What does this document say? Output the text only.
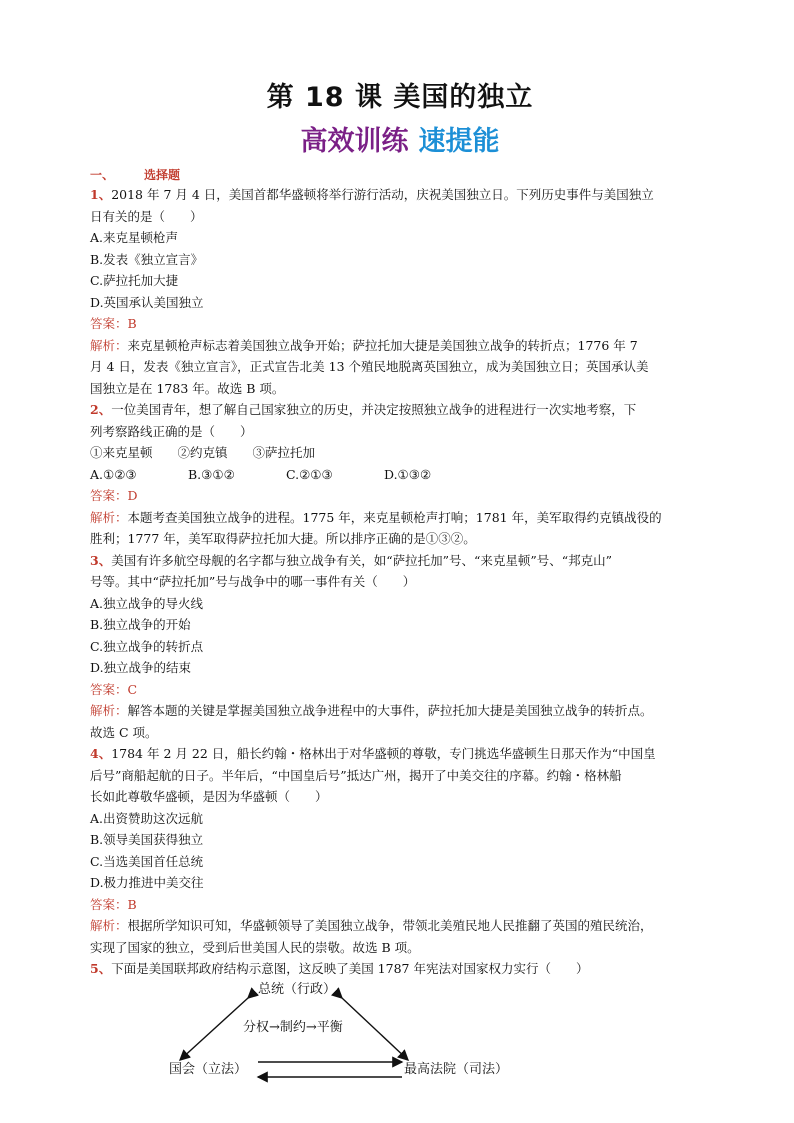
第 18 课 美国的独立
高效训练 速提能

一、	选择题

1、2018 年 7 月 4 日，美国首都华盛顿将举行游行活动，庆祝美国独立日。下列历史事件与美国独立

日有关的是（　　）

A.来克星顿枪声

B.发表《独立宣言》

C.萨拉托加大捷

D.英国承认美国独立

答案：B

解析：来克星顿枪声标志着美国独立战争开始；萨拉托加大捷是美国独立战争的转折点；1776 年 7

月 4 日，发表《独立宣言》，正式宣告北美 13 个殖民地脱离英国独立，成为美国独立日；英国承认美

国独立是在 1783 年。故选 B 项。

2、一位美国青年，想了解自己国家独立的历史，并决定按照独立战争的进程进行一次实地考察，下

列考察路线正确的是（　　）

①来克星顿　　②约克镇　　③萨拉托加

A.①②③	B.③①②	C.②①③	D.①③②

答案：D

解析：本题考查美国独立战争的进程。1775 年，来克星顿枪声打响；1781 年，美军取得约克镇战役的

胜利；1777 年，美军取得萨拉托加大捷。所以排序正确的是①③②。

3、美国有许多航空母舰的名字都与独立战争有关，如“萨拉托加”号、“来克星顿”号、“邦克山”

号等。其中“萨拉托加”号与战争中的哪一事件有关（　　）

A.独立战争的导火线

B.独立战争的开始

C.独立战争的转折点

D.独立战争的结束

答案：C

解析：解答本题的关键是掌握美国独立战争进程中的大事件，萨拉托加大捷是美国独立战争的转折点。

故选 C 项。

4、1784 年 2 月 22 日，船长约翰・格林出于对华盛顿的尊敬，专门挑选华盛顿生日那天作为“中国皇

后号”商船起航的日子。半年后，“中国皇后号”抵达广州，揭开了中美交往的序幕。约翰・格林船

长如此尊敬华盛顿，是因为华盛顿（　　）

A.出资赞助这次远航

B.领导美国获得独立

C.当选美国首任总统

D.极力推进中美交往

答案：B

解析：根据所学知识可知，华盛顿领导了美国独立战争，带领北美殖民地人民推翻了英国的殖民统治，

实现了国家的独立，受到后世美国人民的崇敬。故选 B 项。

5、下面是美国联邦政府结构示意图，这反映了美国 1787 年宪法对国家权力实行（　　）

总统（行政）
分权→制约→平衡
国会（立法）	最高法院（司法）
